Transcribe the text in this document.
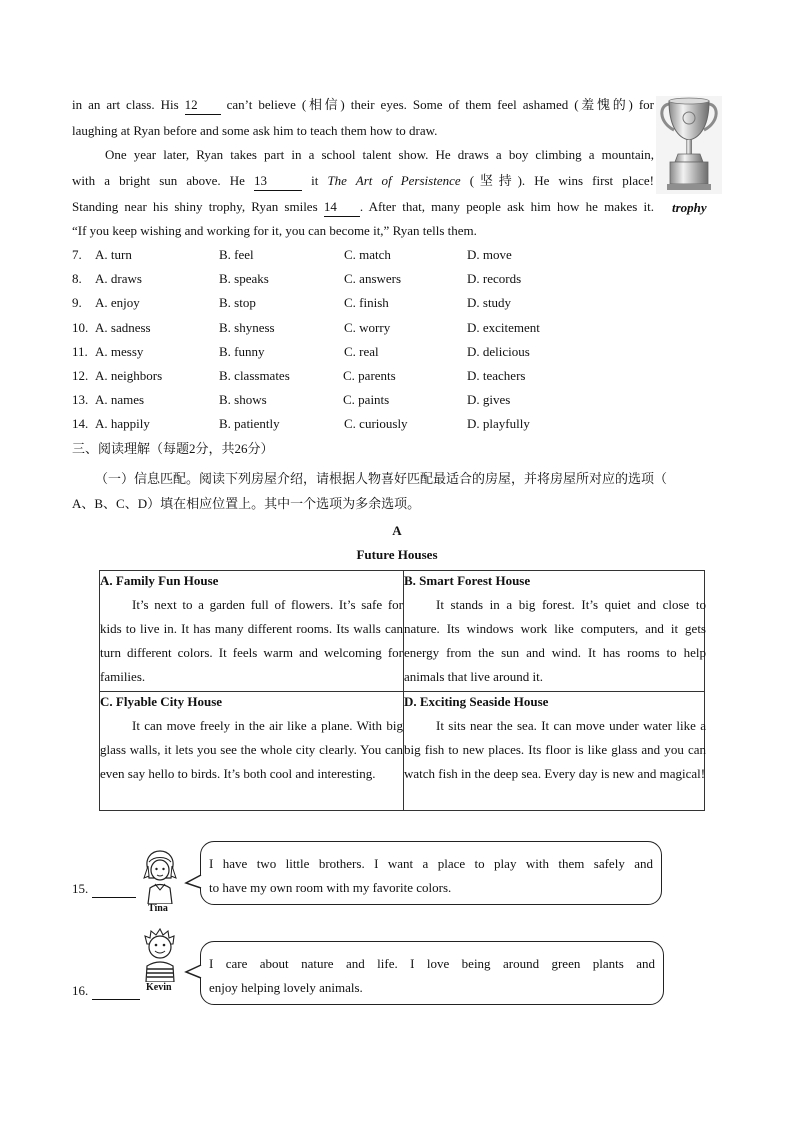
in an art class. His 12 can’t believe (相信) their eyes. Some of them feel ashamed (羞愧的) for
laughing at Ryan before and some ask him to teach them how to draw.
One year later, Ryan takes part in a school talent show. He draws a boy climbing a mountain,
with a bright sun above. He 13	it The Art of Persistence (坚持). He wins first place!
Standing near his shiny trophy, Ryan smiles 14 . After that, many people ask him how he makes it.
“If you keep wishing and working for it, you can become it,” Ryan tells them.
trophy
7. A. turn	B. feel	C. match	D. move
8. A. draws	B. speaks	C. answers	D. records
9. A. enjoy	B. stop	C. finish	D. study
10. A. sadness	B. shyness	C. worry	D. excitement
11. A. messy	B. funny	C. real	D. delicious
12. A. neighbors	B. classmates	C. parents	D. teachers
13. A. names	B. shows	C. paints	D. gives
14. A. happily	B. patiently	C. curiously	D. playfully
三、阅读理解（每题2分，共26分）
（一）信息匹配。阅读下列房屋介绍，请根据人物喜好匹配最适合的房屋，并将房屋所对应的选项（
A、B、C、D）填在相应位置上。其中一个选项为多余选项。
A
Future Houses
A. Family Fun House
It’s next to a garden full of flowers. It’s safe for kids to live in. It has many different rooms. Its walls can turn different colors. It feels warm and welcoming for families.
B. Smart Forest House
It stands in a big forest. It’s quiet and close to nature. Its windows work like computers, and it gets energy from the sun and wind. It has rooms to help animals that live around it.
C. Flyable City House
It can move freely in the air like a plane. With big glass walls, it lets you see the whole city clearly. You can even say hello to birds. It’s both cool and interesting.
D. Exciting Seaside House
It sits near the sea. It can move under water like a big fish to new places. Its floor is like glass and you can watch fish in the deep sea. Every day is new and magical!
15.
Tina
I have two little brothers. I want a place to play with them safely and
to have my own room with my favorite colors.
16.	Kevin
I care about nature and life. I love being around green plants and
enjoy helping lovely animals.
